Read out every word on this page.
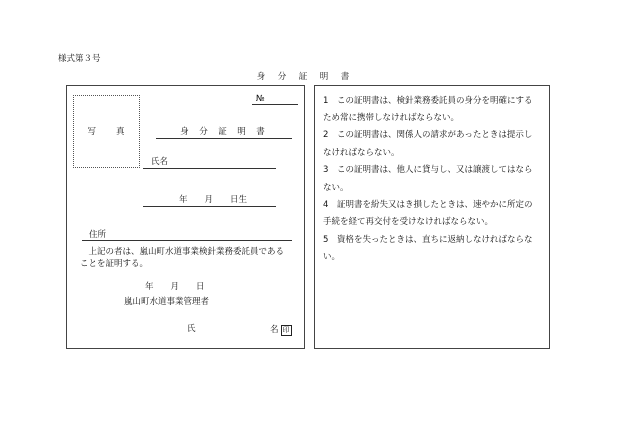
様式第３号
身　分　証　明　書
写　　真
№
身　分　証　明　書
氏名
年　　月　　日生
住所
上記の者は、嵐山町水道事業検針業務委託員であることを証明する。
年　　月　　日
嵐山町水道事業管理者
氏	名 印
1 この証明書は、検針業務委託員の身分を明確にする
ため常に携帯しなければならない。
2 この証明書は、関係人の請求があったときは提示し
なければならない。
3 この証明書は、他人に貸与し、又は譲渡してはなら
ない。
4 証明書を紛失又はき損したときは、速やかに所定の
手続を経て再交付を受けなければならない。
5 資格を失ったときは、直ちに返納しなければならな
い。
